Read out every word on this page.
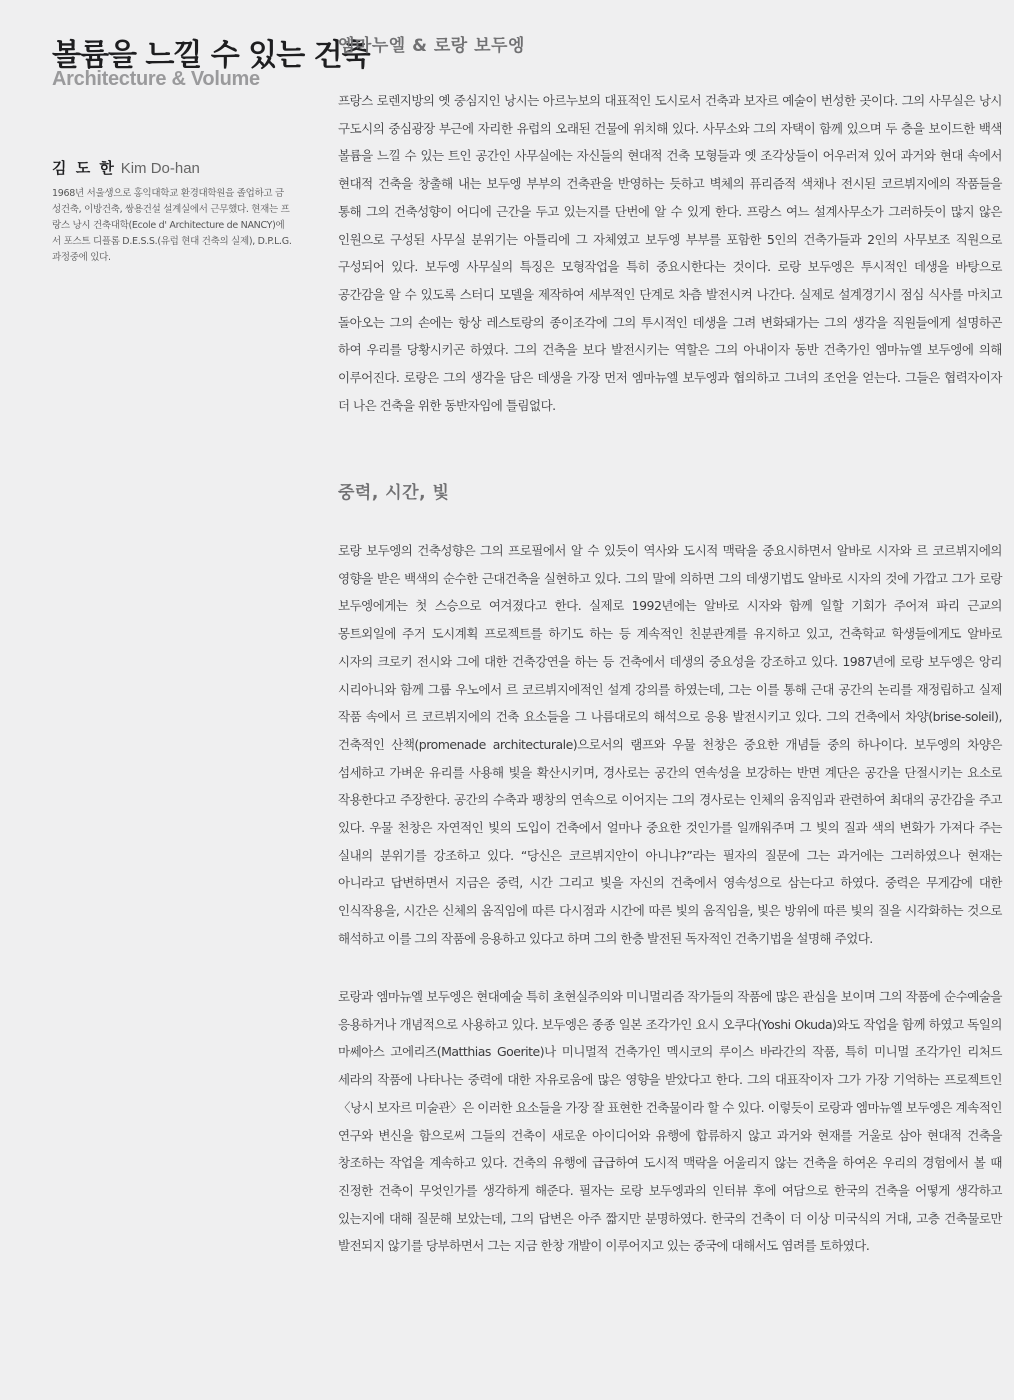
볼륨을 느낄 수 있는 건축
Architecture & Volume

김 도 한 Kim Do-han

1968년 서울생으로 홍익대학교 환경대학원을 졸업하고 금성건축, 이방건축, 쌍용건설 설계실에서 근무했다. 현재는 프랑스 낭시 건축대학(Ecole d' Architecture de NANCY)에서 포스트 디플롬 D.E.S.S.(유럽 현대 건축의 실제), D.P.L.G. 과정중에 있다.

엠마누엘 & 로랑 보두엥

프랑스 로렌지방의 옛 중심지인 낭시는 아르누보의 대표적인 도시로서 건축과 보자르 예술이 번성한 곳이다. 그의 사무실은 낭시 구도시의 중심광장 부근에 자리한 유럽의 오래된 건물에 위치해 있다. 사무소와 그의 자택이 함께 있으며 두 층을 보이드한 백색 볼륨을 느낄 수 있는 트인 공간인 사무실에는 자신들의 현대적 건축 모형들과 옛 조각상들이 어우러져 있어 과거와 현대 속에서 현대적 건축을 창출해 내는 보두엥 부부의 건축관을 반영하는 듯하고 벽체의 퓨리즘적 색채나 전시된 코르뷔지에의 작품들을 통해 그의 건축성향이 어디에 근간을 두고 있는지를 단번에 알 수 있게 한다. 프랑스 여느 설계사무소가 그러하듯이 많지 않은 인원으로 구성된 사무실 분위기는 아틀리에 그 자체였고 보두엥 부부를 포함한 5인의 건축가들과 2인의 사무보조 직원으로 구성되어 있다. 보두엥 사무실의 특징은 모형작업을 특히 중요시한다는 것이다. 로랑 보두엥은 투시적인 데생을 바탕으로 공간감을 알 수 있도록 스터디 모델을 제작하여 세부적인 단계로 차츰 발전시켜 나간다. 실제로 설계경기시 점심 식사를 마치고 돌아오는 그의 손에는 항상 레스토랑의 종이조각에 그의 투시적인 데생을 그려 변화돼가는 그의 생각을 직원들에게 설명하곤 하여 우리를 당황시키곤 하였다. 그의 건축을 보다 발전시키는 역할은 그의 아내이자 동반 건축가인 엠마뉴엘 보두엥에 의해 이루어진다. 로랑은 그의 생각을 담은 데생을 가장 먼저 엠마뉴엘 보두엥과 협의하고 그녀의 조언을 얻는다. 그들은 협력자이자 더 나은 건축을 위한 동반자임에 틀림없다.

중력, 시간, 빛

로랑 보두엥의 건축성향은 그의 프로필에서 알 수 있듯이 역사와 도시적 맥락을 중요시하면서 알바로 시자와 르 코르뷔지에의 영향을 받은 백색의 순수한 근대건축을 실현하고 있다. 그의 말에 의하면 그의 데생기법도 알바로 시자의 것에 가깝고 그가 로랑 보두엥에게는 첫 스승으로 여겨졌다고 한다. 실제로 1992년에는 알바로 시자와 함께 일할 기회가 주어져 파리 근교의 몽트외일에 주거 도시계획 프로젝트를 하기도 하는 등 계속적인 친분관계를 유지하고 있고, 건축학교 학생들에게도 알바로 시자의 크로키 전시와 그에 대한 건축강연을 하는 등 건축에서 데생의 중요성을 강조하고 있다. 1987년에 로랑 보두엥은 앙리 시리아니와 함께 그룹 우노에서 르 코르뷔지에적인 설계 강의를 하였는데, 그는 이를 통해 근대 공간의 논리를 재정립하고 실제 작품 속에서 르 코르뷔지에의 건축 요소들을 그 나름대로의 해석으로 응용 발전시키고 있다. 그의 건축에서 차양(brise-soleil), 건축적인 산책(promenade architecturale)으로서의 램프와 우물 천창은 중요한 개념들 중의 하나이다. 보두엥의 차양은 섬세하고 가벼운 유리를 사용해 빛을 확산시키며, 경사로는 공간의 연속성을 보강하는 반면 계단은 공간을 단절시키는 요소로 작용한다고 주장한다. 공간의 수축과 팽창의 연속으로 이어지는 그의 경사로는 인체의 움직임과 관련하여 최대의 공간감을 주고 있다. 우물 천창은 자연적인 빛의 도입이 건축에서 얼마나 중요한 것인가를 일깨워주며 그 빛의 질과 색의 변화가 가져다 주는 실내의 분위기를 강조하고 있다. “당신은 코르뷔지안이 아니냐?”라는 필자의 질문에 그는 과거에는 그러하였으나 현재는 아니라고 답변하면서 지금은 중력, 시간 그리고 빛을 자신의 건축에서 영속성으로 삼는다고 하였다. 중력은 무게감에 대한 인식작용을, 시간은 신체의 움직임에 따른 다시점과 시간에 따른 빛의 움직임을, 빛은 방위에 따른 빛의 질을 시각화하는 것으로 해석하고 이를 그의 작품에 응용하고 있다고 하며 그의 한층 발전된 독자적인 건축기법을 설명해 주었다.

로랑과 엠마뉴엘 보두엥은 현대예술 특히 초현실주의와 미니멀리즘 작가들의 작품에 많은 관심을 보이며 그의 작품에 순수예술을 응용하거나 개념적으로 사용하고 있다. 보두엥은 종종 일본 조각가인 요시 오쿠다(Yoshi Okuda)와도 작업을 함께 하였고 독일의 마쎄아스 고에리즈(Matthias Goerite)나 미니멀적 건축가인 멕시코의 루이스 바라간의 작품, 특히 미니멀 조각가인 리처드 세라의 작품에 나타나는 중력에 대한 자유로움에 많은 영향을 받았다고 한다. 그의 대표작이자 그가 가장 기억하는 프로젝트인 〈낭시 보자르 미술관〉은 이러한 요소들을 가장 잘 표현한 건축물이라 할 수 있다. 이렇듯이 로랑과 엠마뉴엘 보두엥은 계속적인 연구와 변신을 함으로써 그들의 건축이 새로운 아이디어와 유행에 합류하지 않고 과거와 현재를 거울로 삼아 현대적 건축을 창조하는 작업을 계속하고 있다. 건축의 유행에 급급하여 도시적 맥락을 어울리지 않는 건축을 하여온 우리의 경험에서 볼 때 진정한 건축이 무엇인가를 생각하게 해준다. 필자는 로랑 보두엥과의 인터뷰 후에 여담으로 한국의 건축을 어떻게 생각하고 있는지에 대해 질문해 보았는데, 그의 답변은 아주 짧지만 분명하였다. 한국의 건축이 더 이상 미국식의 거대, 고층 건축물로만 발전되지 않기를 당부하면서 그는 지금 한창 개발이 이루어지고 있는 중국에 대해서도 염려를 토하였다.
